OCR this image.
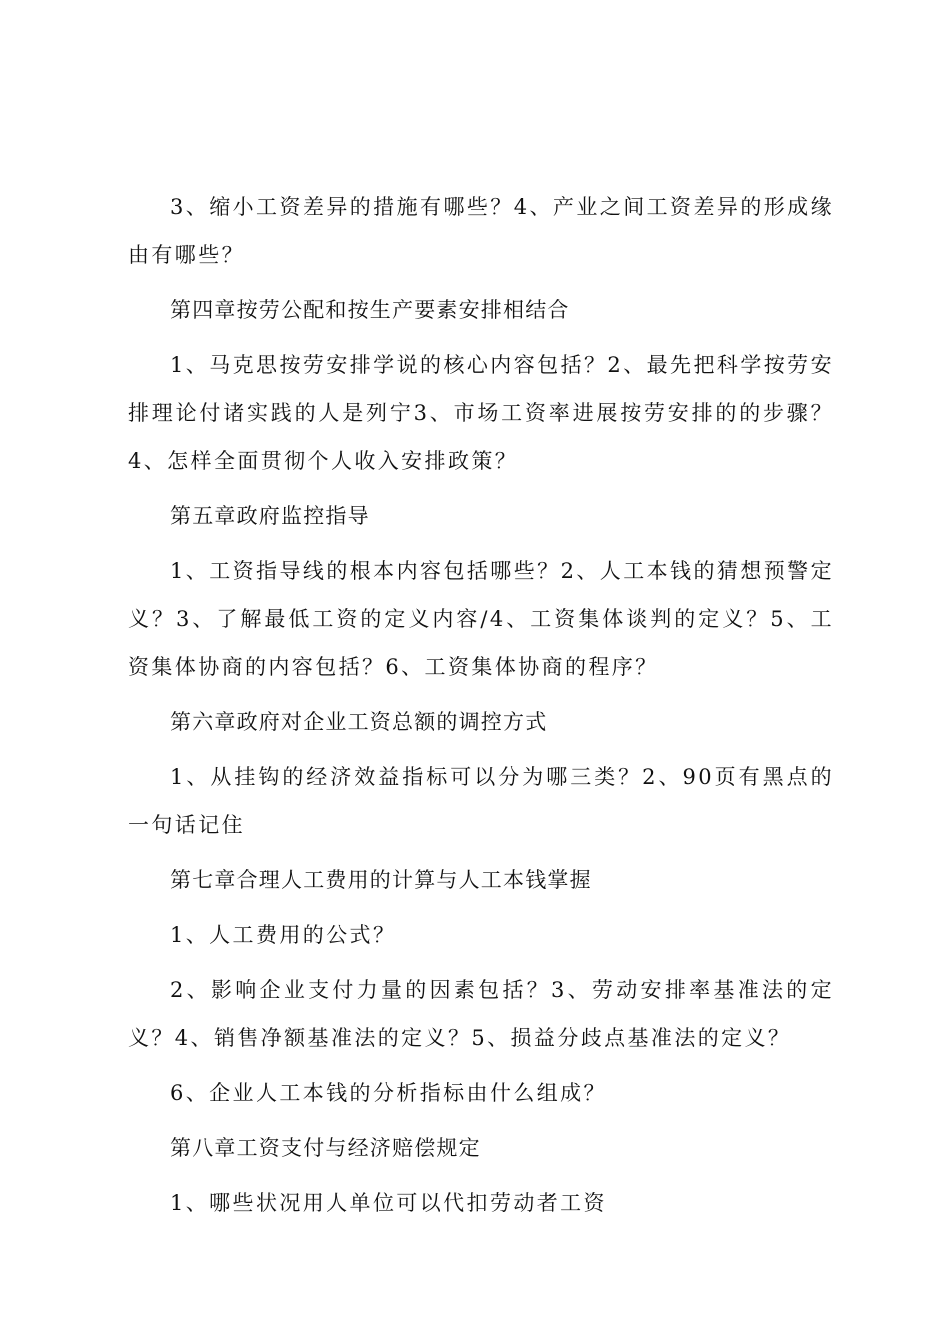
3、缩小工资差异的措施有哪些？4、产业之间工资差异的形成缘由有哪些？

第四章按劳公配和按生产要素安排相结合

1、马克思按劳安排学说的核心内容包括？2、最先把科学按劳安排理论付诸实践的人是列宁3、市场工资率进展按劳安排的的步骤？4、怎样全面贯彻个人收入安排政策？

第五章政府监控指导

1、工资指导线的根本内容包括哪些？2、人工本钱的猜想预警定义？3、了解最低工资的定义内容/4、工资集体谈判的定义？5、工资集体协商的内容包括？6、工资集体协商的程序？

第六章政府对企业工资总额的调控方式

1、从挂钩的经济效益指标可以分为哪三类？2、90页有黑点的一句话记住

第七章合理人工费用的计算与人工本钱掌握

1、人工费用的公式？

2、影响企业支付力量的因素包括？3、劳动安排率基准法的定义？4、销售净额基准法的定义？5、损益分歧点基准法的定义？

6、企业人工本钱的分析指标由什么组成？

第八章工资支付与经济赔偿规定

1、哪些状况用人单位可以代扣劳动者工资
